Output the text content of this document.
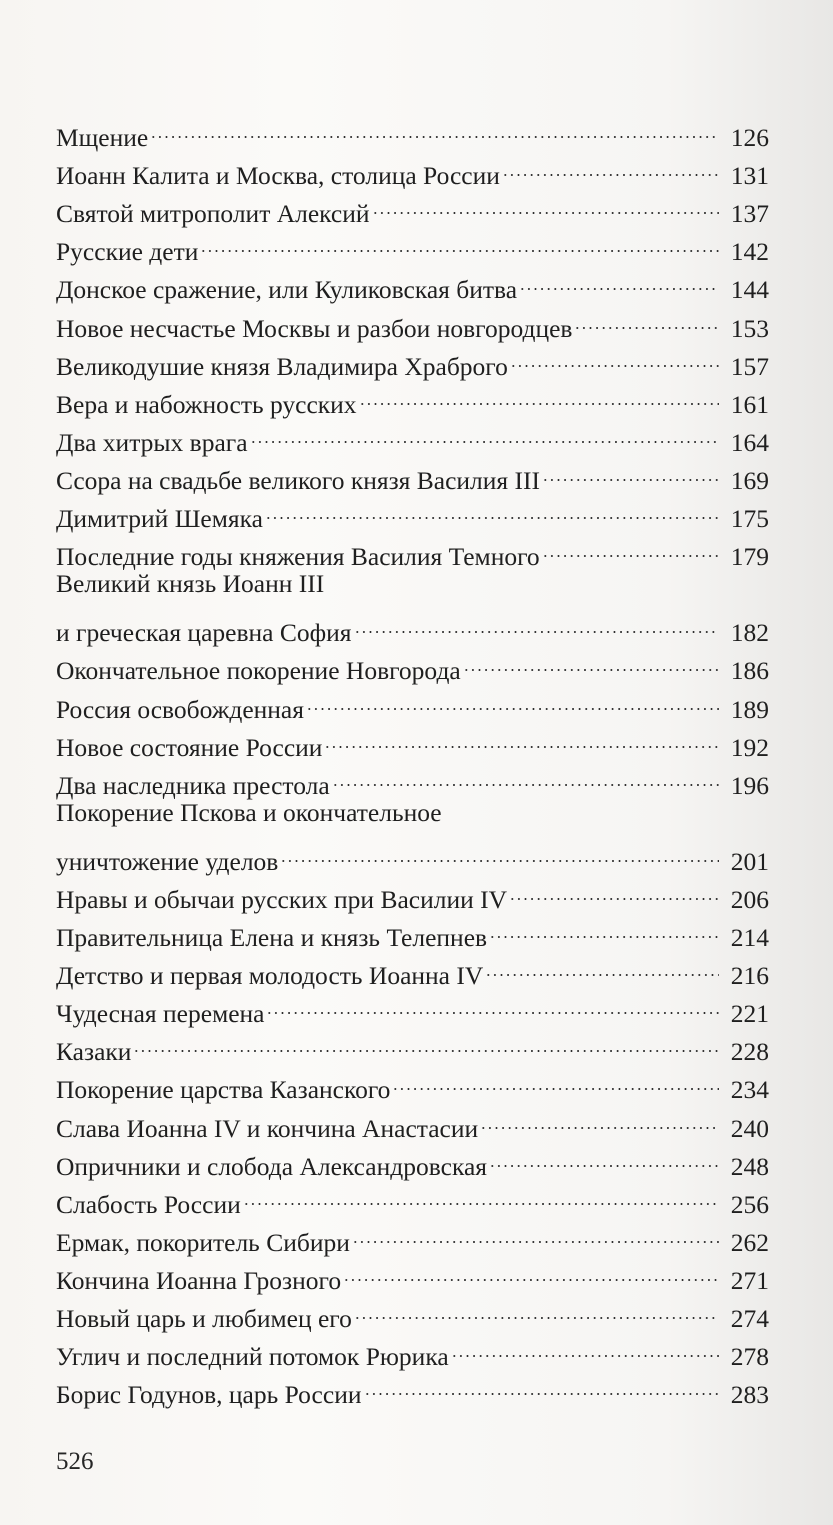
Мщение	126
Иоанн Калита и Москва, столица России	131
Святой митрополит Алексий	137
Русские дети	142
Донское сражение, или Куликовская битва	144
Новое несчастье Москвы и разбои новгородцев	153
Великодушие князя Владимира Храброго	157
Вера и набожность русских	161
Два хитрых врага	164
Ссора на свадьбе великого князя Василия III	169
Димитрий Шемяка	175
Последние годы княжения Василия Темного	179
Великий князь Иоанн III
и греческая царевна София	182
Окончательное покорение Новгорода	186
Россия освобожденная	189
Новое состояние России	192
Два наследника престола	196
Покорение Пскова и окончательное
уничтожение уделов	201
Нравы и обычаи русских при Василии IV	206
Правительница Елена и князь Телепнев	214
Детство и первая молодость Иоанна IV	216
Чудесная перемена	221
Казаки	228
Покорение царства Казанского	234
Слава Иоанна IV и кончина Анастасии	240
Опричники и слобода Александровская	248
Слабость России	256
Ермак, покоритель Сибири	262
Кончина Иоанна Грозного	271
Новый царь и любимец его	274
Углич и последний потомок Рюрика	278
Борис Годунов, царь России	283
526
